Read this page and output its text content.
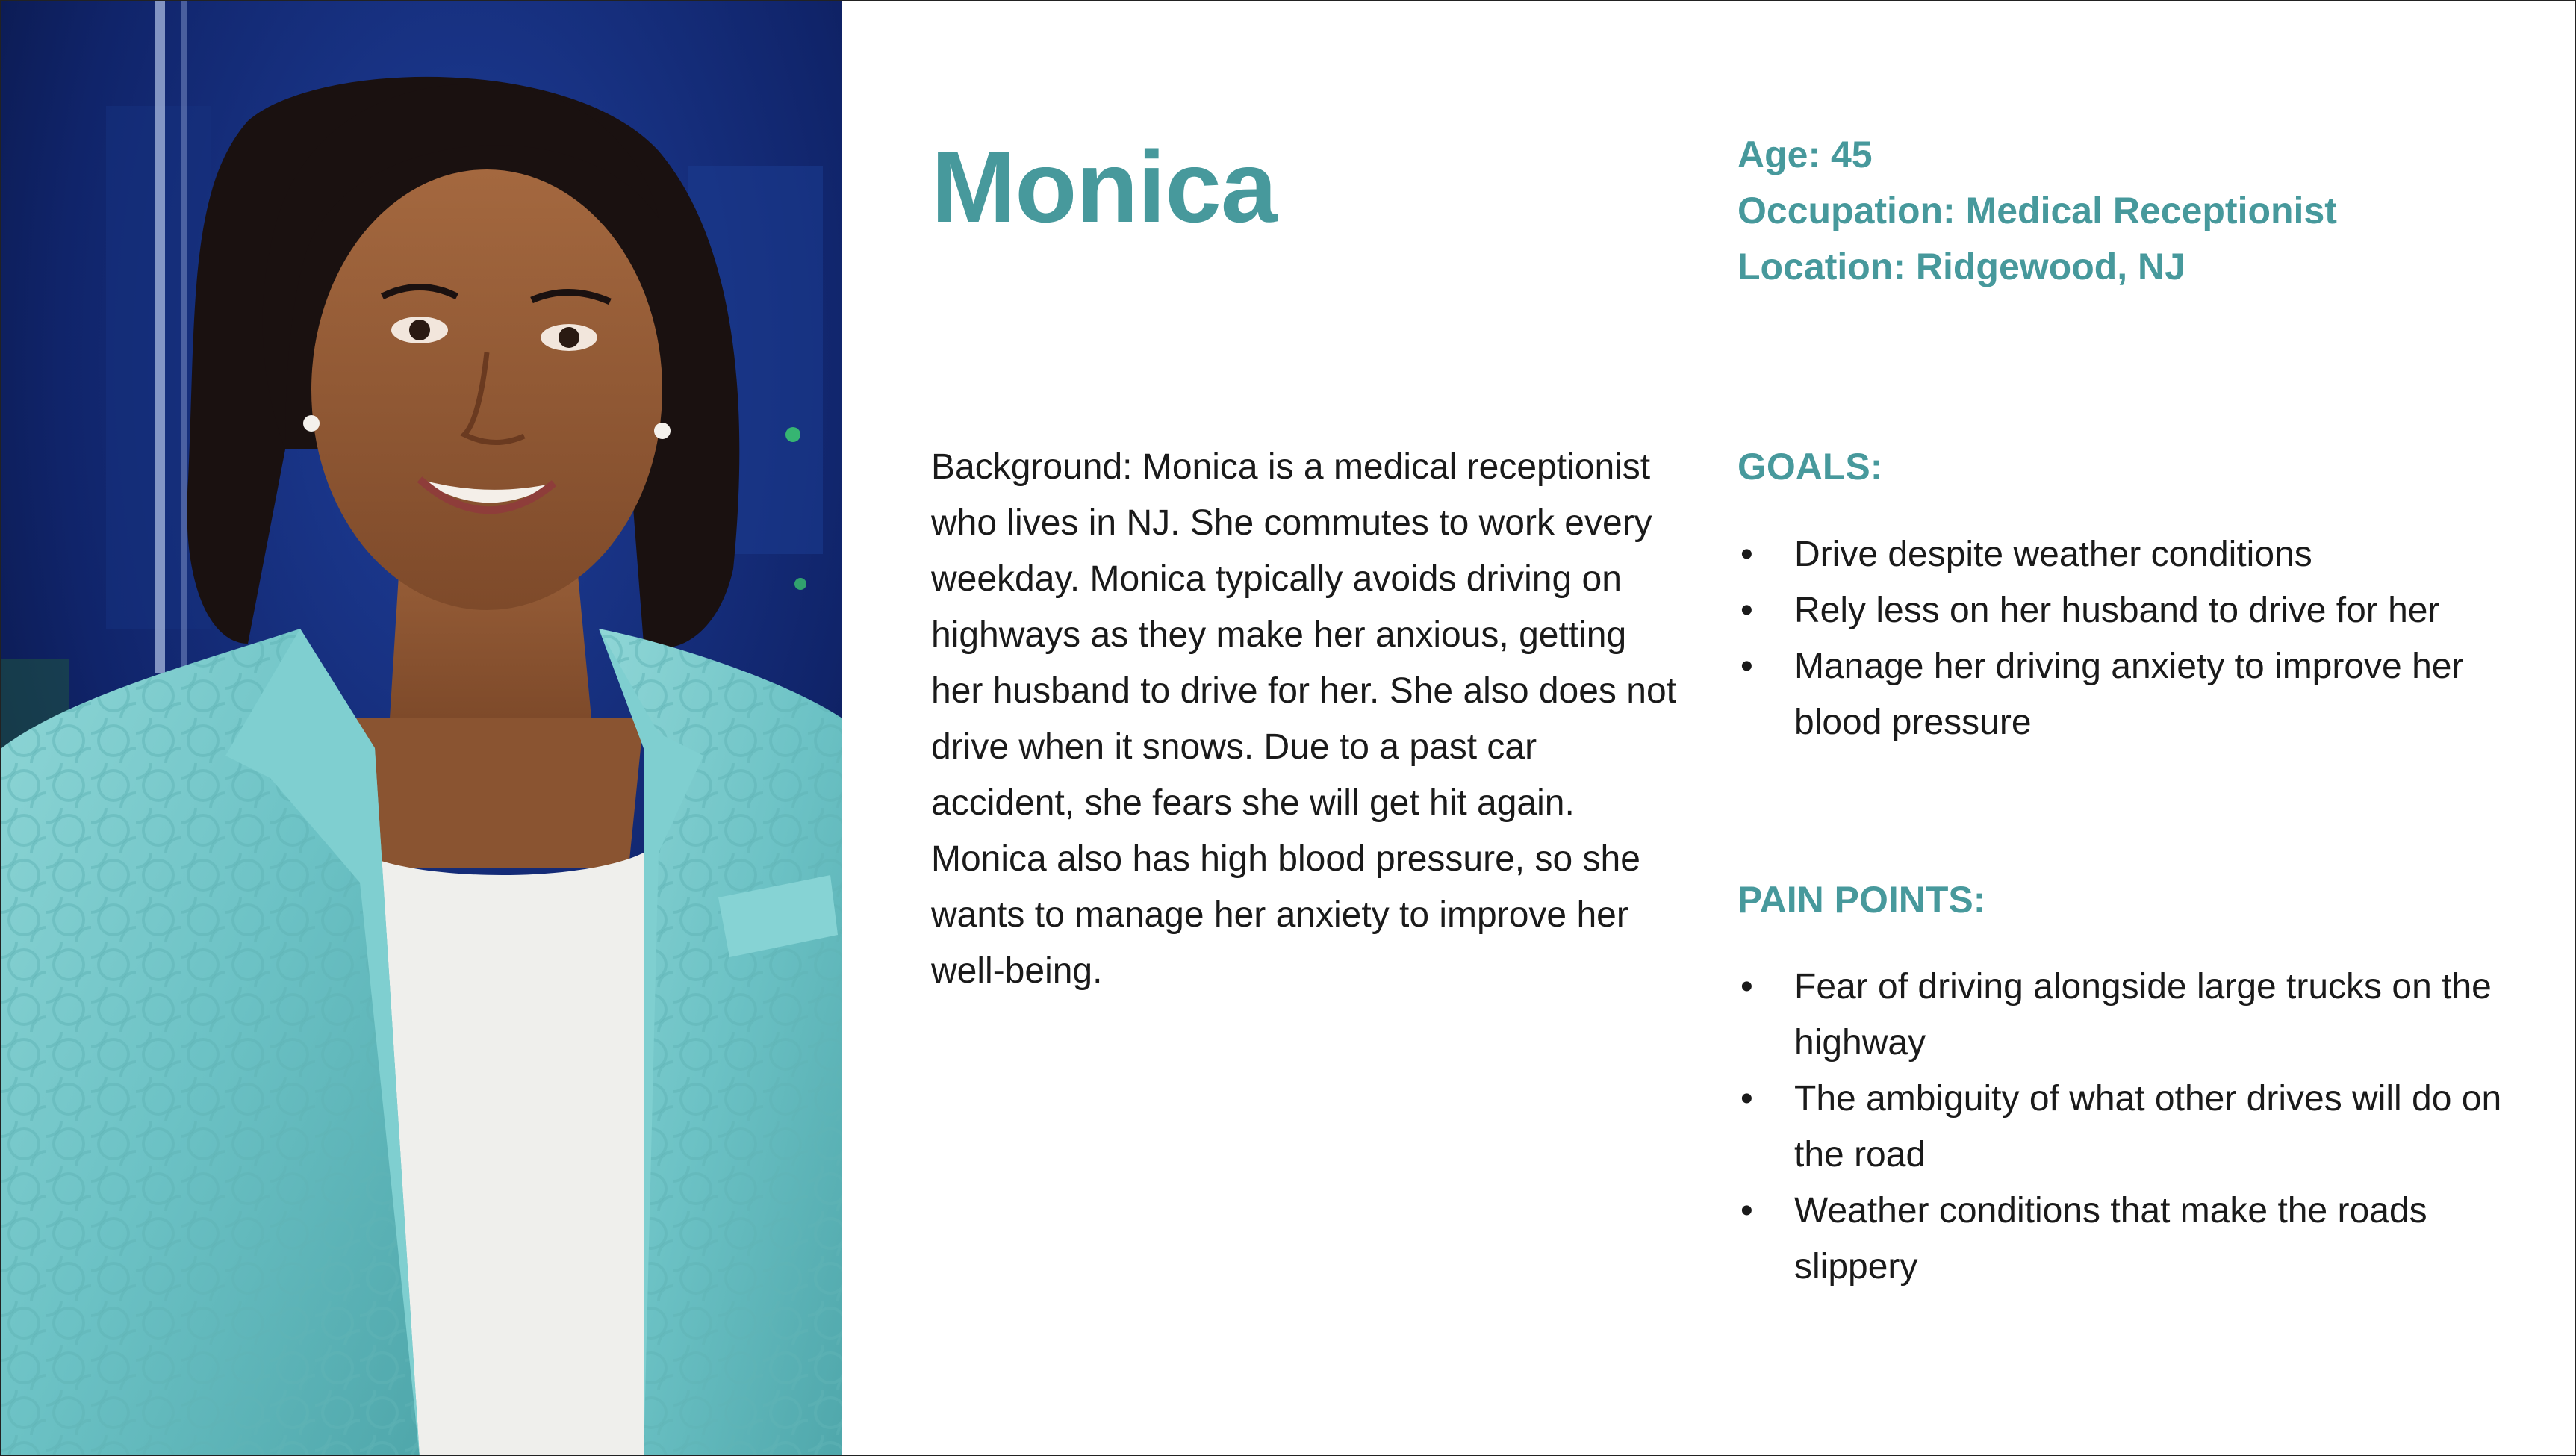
Monica	Age: 45
Occupation: Medical Receptionist
Location: Ridgewood, NJ

Background: Monica is a medical receptionist who lives in NJ. She commutes to work every weekday. Monica typically avoids driving on highways as they make her anxious, getting her husband to drive for her. She also does not drive when it snows. Due to a past car accident, she fears she will get hit again. Monica also has high blood pressure, so she wants to manage her anxiety to improve her well-being.

GOALS:
• Drive despite weather conditions
• Rely less on her husband to drive for her
• Manage her driving anxiety to improve her blood pressure
PAIN POINTS:
• Fear of driving alongside large trucks on the highway
• The ambiguity of what other drives will do on the road
• Weather conditions that make the roads slippery
